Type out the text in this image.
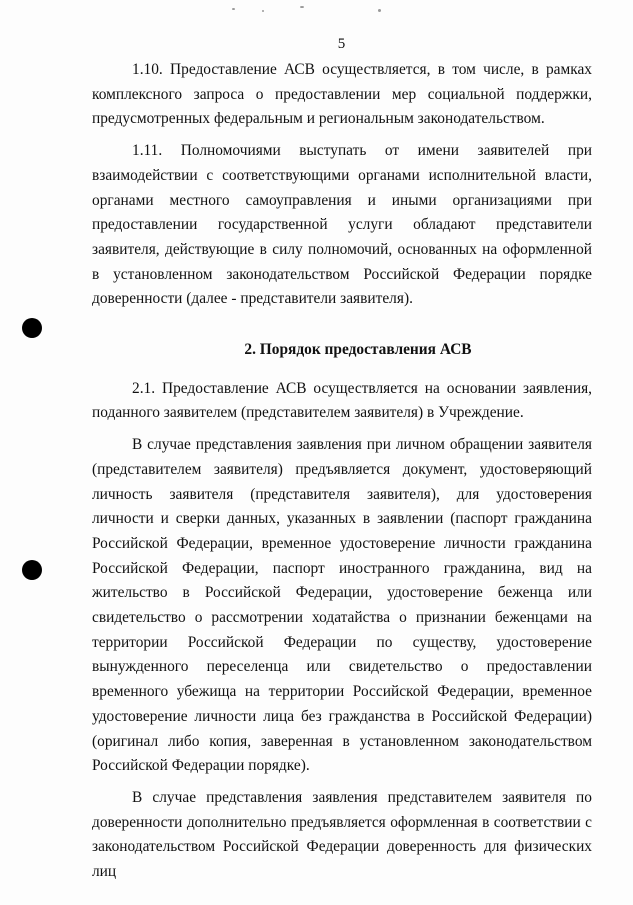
5

1.10. Предоставление АСВ осуществляется, в том числе, в рамках комплексного запроса о предоставлении мер социальной поддержки, предусмотренных федеральным и региональным законодательством.

1.11. Полномочиями выступать от имени заявителей при взаимодействии с соответствующими органами исполнительной власти, органами местного самоуправления и иными организациями при предоставлении государственной услуги обладают представители заявителя, действующие в силу полномочий, основанных на оформленной в установленном законодательством Российской Федерации порядке доверенности (далее - представители заявителя).

2. Порядок предоставления АСВ

2.1. Предоставление АСВ осуществляется на основании заявления, поданного заявителем (представителем заявителя) в Учреждение.

В случае представления заявления при личном обращении заявителя (представителем заявителя) предъявляется документ, удостоверяющий личность заявителя (представителя заявителя), для удостоверения личности и сверки данных, указанных в заявлении (паспорт гражданина Российской Федерации, временное удостоверение личности гражданина Российской Федерации, паспорт иностранного гражданина, вид на жительство в Российской Федерации, удостоверение беженца или свидетельство о рассмотрении ходатайства о признании беженцами на территории Российской Федерации по существу, удостоверение вынужденного переселенца или свидетельство о предоставлении временного убежища на территории Российской Федерации, временное удостоверение личности лица без гражданства в Российской Федерации) (оригинал либо копия, заверенная в установленном законодательством Российской Федерации порядке).

В случае представления заявления представителем заявителя по доверенности дополнительно предъявляется оформленная в соответствии с законодательством Российской Федерации доверенность для физических лиц
